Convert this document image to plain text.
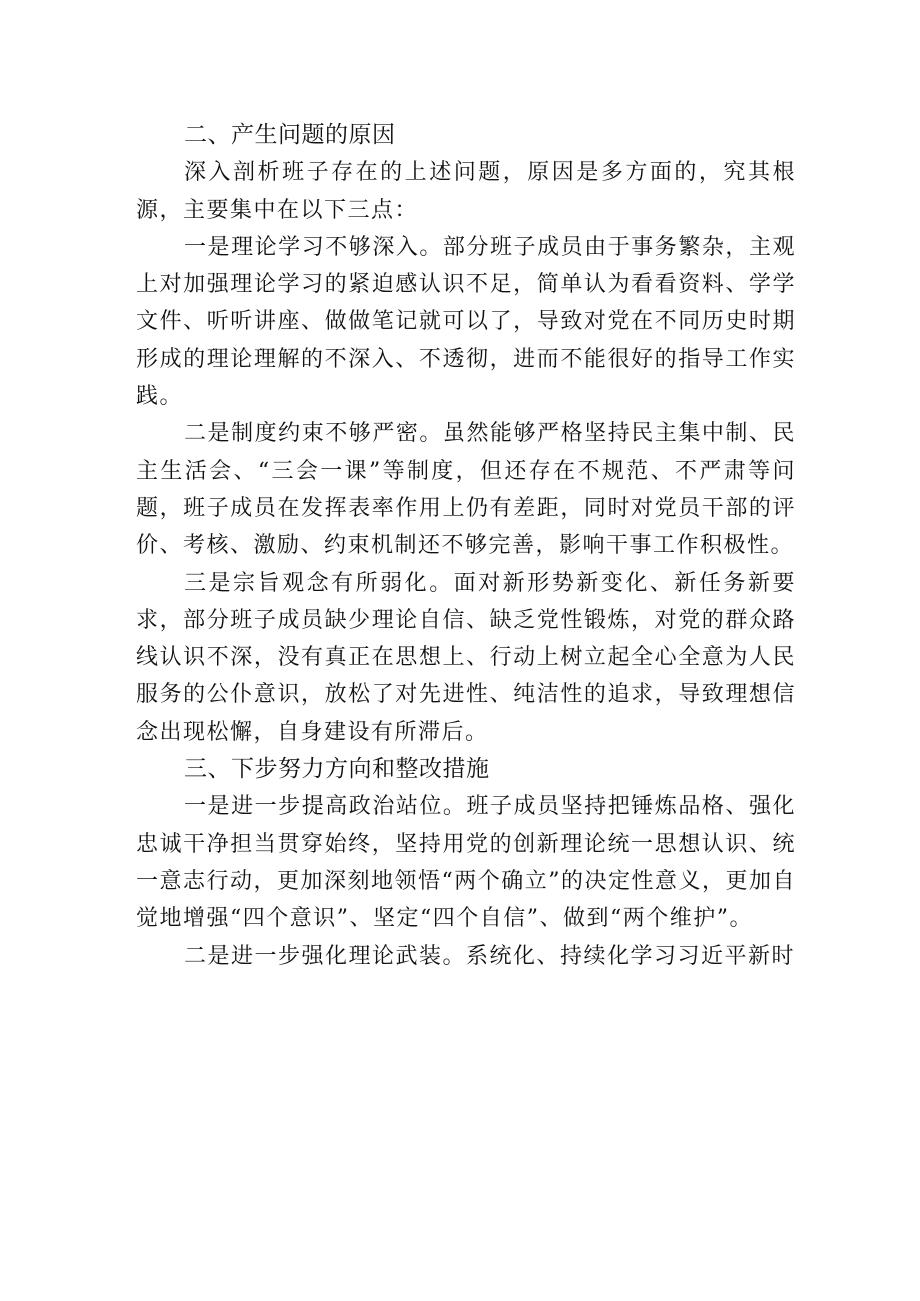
二、产生问题的原因

深入剖析班子存在的上述问题，原因是多方面的，究其根源，主要集中在以下三点：

一是理论学习不够深入。部分班子成员由于事务繁杂，主观上对加强理论学习的紧迫感认识不足，简单认为看看资料、学学文件、听听讲座、做做笔记就可以了，导致对党在不同历史时期形成的理论理解的不深入、不透彻，进而不能很好的指导工作实践。

二是制度约束不够严密。虽然能够严格坚持民主集中制、民主生活会、“三会一课”等制度，但还存在不规范、不严肃等问题，班子成员在发挥表率作用上仍有差距，同时对党员干部的评价、考核、激励、约束机制还不够完善，影响干事工作积极性。

三是宗旨观念有所弱化。面对新形势新变化、新任务新要求，部分班子成员缺少理论自信、缺乏党性锻炼，对党的群众路线认识不深，没有真正在思想上、行动上树立起全心全意为人民服务的公仆意识，放松了对先进性、纯洁性的追求，导致理想信念出现松懈，自身建设有所滞后。

三、下步努力方向和整改措施

一是进一步提高政治站位。班子成员坚持把锤炼品格、强化忠诚干净担当贯穿始终，坚持用党的创新理论统一思想认识、统一意志行动，更加深刻地领悟“两个确立”的决定性意义，更加自觉地增强“四个意识”、坚定“四个自信”、做到“两个维护”。

二是进一步强化理论武装。系统化、持续化学习习近平新时
